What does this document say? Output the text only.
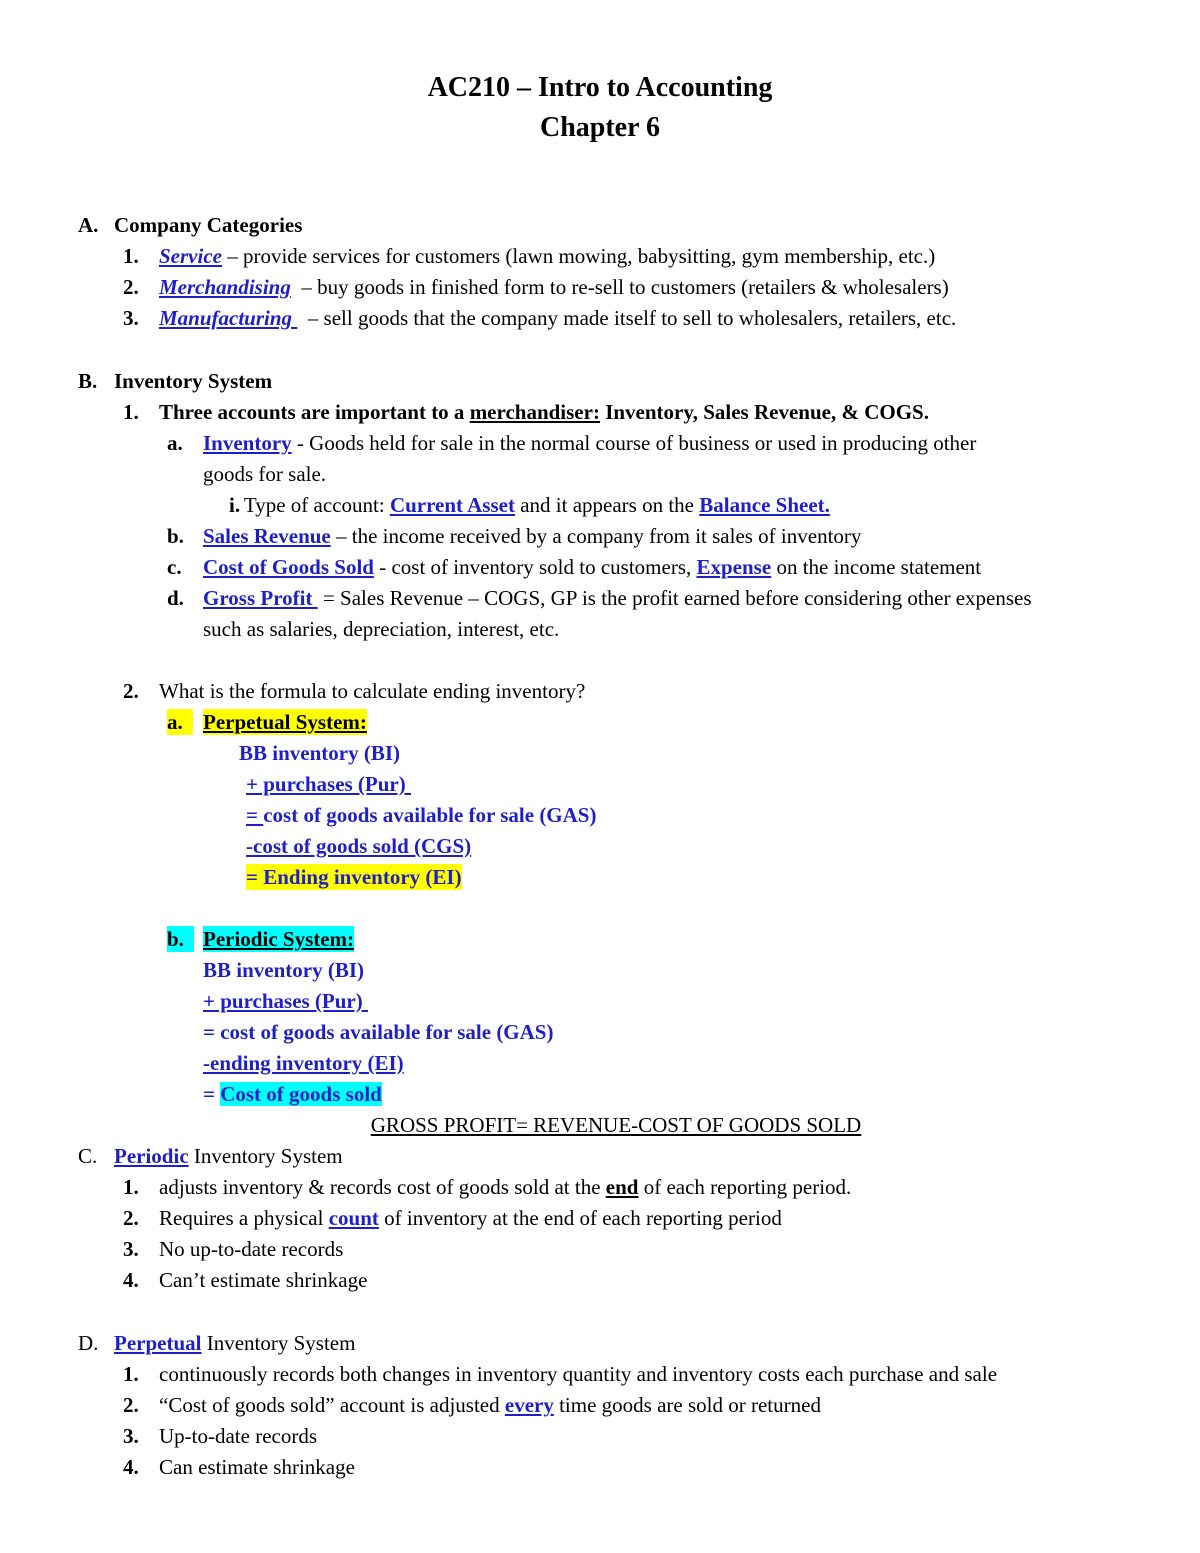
AC210 – Intro to Accounting
Chapter 6
A. Company Categories
1. Service – provide services for customers (lawn mowing, babysitting, gym membership, etc.)
2. Merchandising  – buy goods in finished form to re-sell to customers (retailers & wholesalers)
3. Manufacturing   – sell goods that the company made itself to sell to wholesalers, retailers, etc.
B. Inventory System
1. Three accounts are important to a merchandiser: Inventory, Sales Revenue, & COGS.
a. Inventory - Goods held for sale in the normal course of business or used in producing other
goods for sale.
i.
Type of account: Current Asset and it appears on the Balance Sheet.
b. Sales Revenue – the income received by a company from it sales of inventory
c. Cost of Goods Sold - cost of inventory sold to customers, Expense on the income statement
d. Gross Profit  = Sales Revenue – COGS, GP is the profit earned before considering other expenses
such as salaries, depreciation, interest, etc.
2. What is the formula to calculate ending inventory?
a. Perpetual System:
BB inventory (BI)
+ purchases (Pur)
= cost of goods available for sale (GAS)
-cost of goods sold (CGS)
= Ending inventory (EI)
b. Periodic System:
BB inventory (BI)
+ purchases (Pur)
= cost of goods available for sale (GAS)
-ending inventory (EI)
= Cost of goods sold
GROSS PROFIT= REVENUE-COST OF GOODS SOLD
C. Periodic Inventory System
1. adjusts inventory & records cost of goods sold at the end of each reporting period.
2. Requires a physical count of inventory at the end of each reporting period
3. No up-to-date records
4. Can’t estimate shrinkage
D. Perpetual Inventory System
1. continuously records both changes in inventory quantity and inventory costs each purchase and sale
2. “Cost of goods sold” account is adjusted every time goods are sold or returned
3. Up-to-date records
4. Can estimate shrinkage
